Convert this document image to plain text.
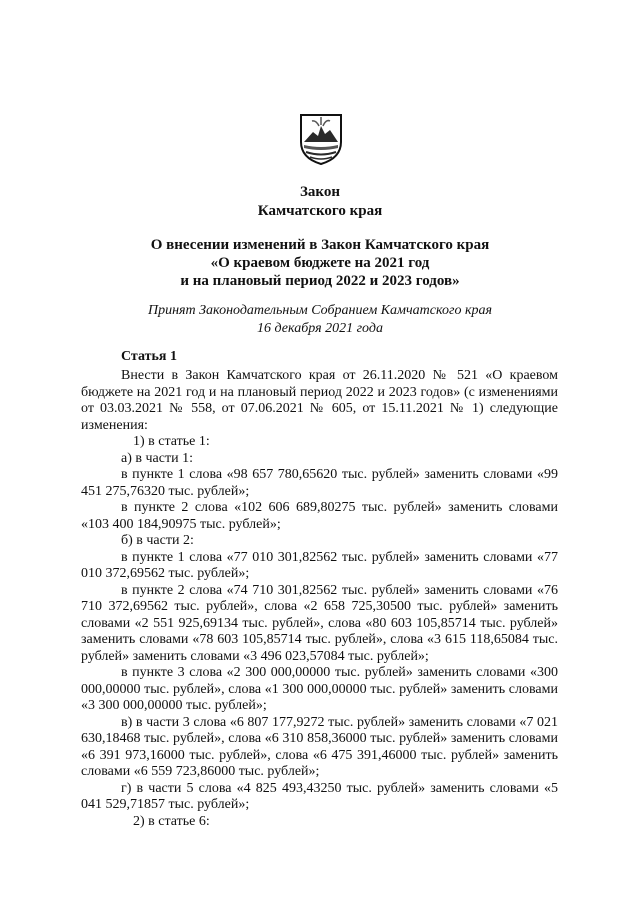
Закон
Камчатского края
О внесении изменений в Закон Камчатского края
«О краевом бюджете на 2021 год
и на плановый период 2022 и 2023 годов»
Принят Законодательным Собранием Камчатского края
16 декабря 2021 года
Статья 1

Внести в Закон Камчатского края от 26.11.2020 № 521 «О краевом бюджете на 2021 год и на плановый период 2022 и 2023 годов» (с изменениями от 03.03.2021 № 558, от 07.06.2021 № 605, от 15.11.2021 № 1) следующие изменения:

1) в статье 1:

а) в части 1:

в пункте 1 слова «98 657 780,65620 тыс. рублей» заменить словами «99 451 275,76320 тыс. рублей»;

в пункте 2 слова «102 606 689,80275 тыс. рублей» заменить словами «103 400 184,90975 тыс. рублей»;

б) в части 2:

в пункте 1 слова «77 010 301,82562 тыс. рублей» заменить словами «77 010 372,69562 тыс. рублей»;

в пункте 2 слова «74 710 301,82562 тыс. рублей» заменить словами «76 710 372,69562 тыс. рублей», слова «2 658 725,30500 тыс. рублей» заменить словами «2 551 925,69134 тыс. рублей», слова «80 603 105,85714 тыс. рублей» заменить словами «78 603 105,85714 тыс. рублей», слова «3 615 118,65084 тыс. рублей» заменить словами «3 496 023,57084 тыс. рублей»;

в пункте 3 слова «2 300 000,00000 тыс. рублей» заменить словами «300 000,00000 тыс. рублей», слова «1 300 000,00000 тыс. рублей» заменить словами «3 300 000,00000 тыс. рублей»;

в) в части 3 слова «6 807 177,9272 тыс. рублей» заменить словами «7 021 630,18468 тыс. рублей», слова «6 310 858,36000 тыс. рублей» заменить словами «6 391 973,16000 тыс. рублей», слова «6 475 391,46000 тыс. рублей» заменить словами «6 559 723,86000 тыс. рублей»;

г) в части 5 слова «4 825 493,43250 тыс. рублей» заменить словами «5 041 529,71857 тыс. рублей»;

2) в статье 6:
